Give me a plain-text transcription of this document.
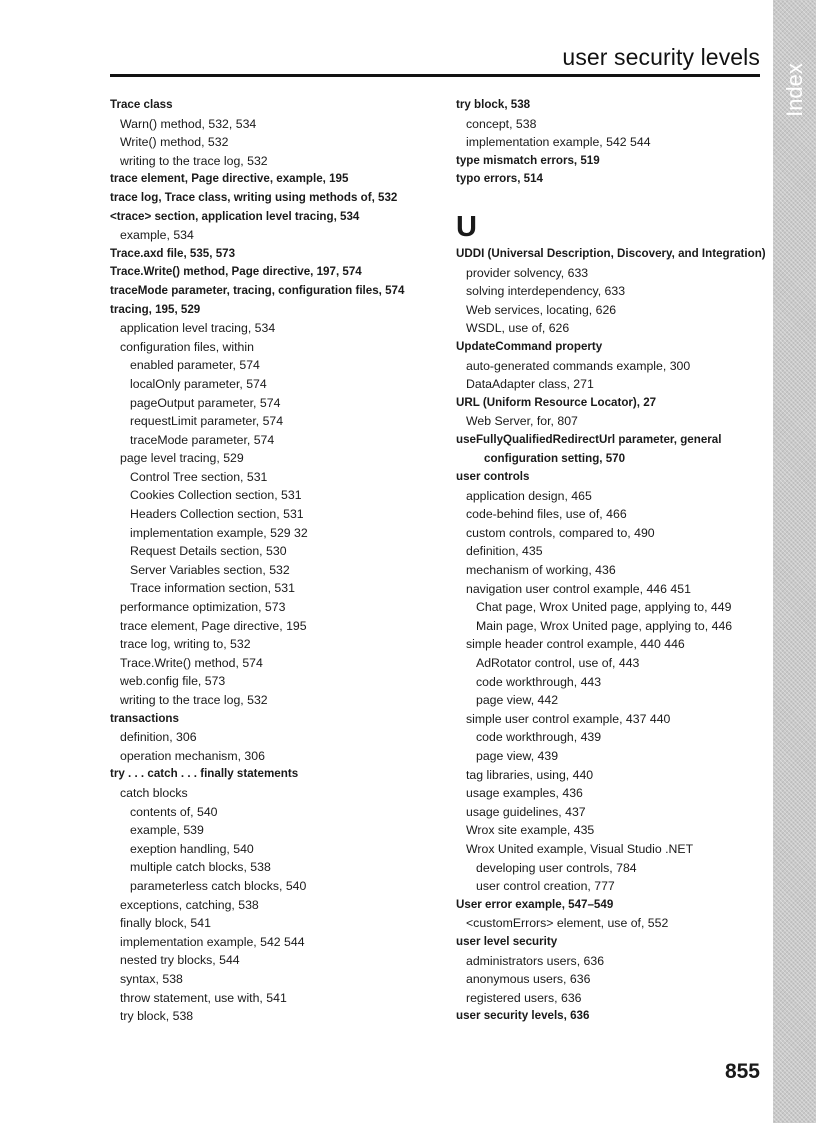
user security levels
Index
Trace class
Warn() method, 532, 534
Write() method, 532
writing to the trace log, 532
trace element, Page directive, example, 195
trace log, Trace class, writing using methods of, 532
<trace> section, application level tracing, 534
example, 534
Trace.axd file, 535, 573
Trace.Write() method, Page directive, 197, 574
traceMode parameter, tracing, configuration files, 574
tracing, 195, 529
application level tracing, 534
configuration files, within
enabled parameter, 574
localOnly parameter, 574
pageOutput parameter, 574
requestLimit parameter, 574
traceMode parameter, 574
page level tracing, 529
Control Tree section, 531
Cookies Collection section, 531
Headers Collection section, 531
implementation example, 529 32
Request Details section, 530
Server Variables section, 532
Trace information section, 531
performance optimization, 573
trace element, Page directive, 195
trace log, writing to, 532
Trace.Write() method, 574
web.config file, 573
writing to the trace log, 532
transactions
definition, 306
operation mechanism, 306
try . . . catch . . . finally statements
catch blocks
contents of, 540
example, 539
exeption handling, 540
multiple catch blocks, 538
parameterless catch blocks, 540
exceptions, catching, 538
finally block, 541
implementation example, 542 544
nested try blocks, 544
syntax, 538
throw statement, use with, 541
try block, 538
try block, 538
concept, 538
implementation example, 542 544
type mismatch errors, 519
typo errors, 514
U
UDDI (Universal Description, Discovery, and Integration)
provider solvency, 633
solving interdependency, 633
Web services, locating, 626
WSDL, use of, 626
UpdateCommand property
auto-generated commands example, 300
DataAdapter class, 271
URL (Uniform Resource Locator), 27
Web Server, for, 807
useFullyQualifiedRedirectUrl parameter, general
configuration setting, 570
user controls
application design, 465
code-behind files, use of, 466
custom controls, compared to, 490
definition, 435
mechanism of working, 436
navigation user control example, 446 451
Chat page, Wrox United page, applying to, 449
Main page, Wrox United page, applying to, 446
simple header control example, 440 446
AdRotator control, use of, 443
code workthrough, 443
page view, 442
simple user control example, 437 440
code workthrough, 439
page view, 439
tag libraries, using, 440
usage examples, 436
usage guidelines, 437
Wrox site example, 435
Wrox United example, Visual Studio .NET
developing user controls, 784
user control creation, 777
User error example, 547–549
<customErrors> element, use of, 552
user level security
administrators users, 636
anonymous users, 636
registered users, 636
user security levels, 636
855
